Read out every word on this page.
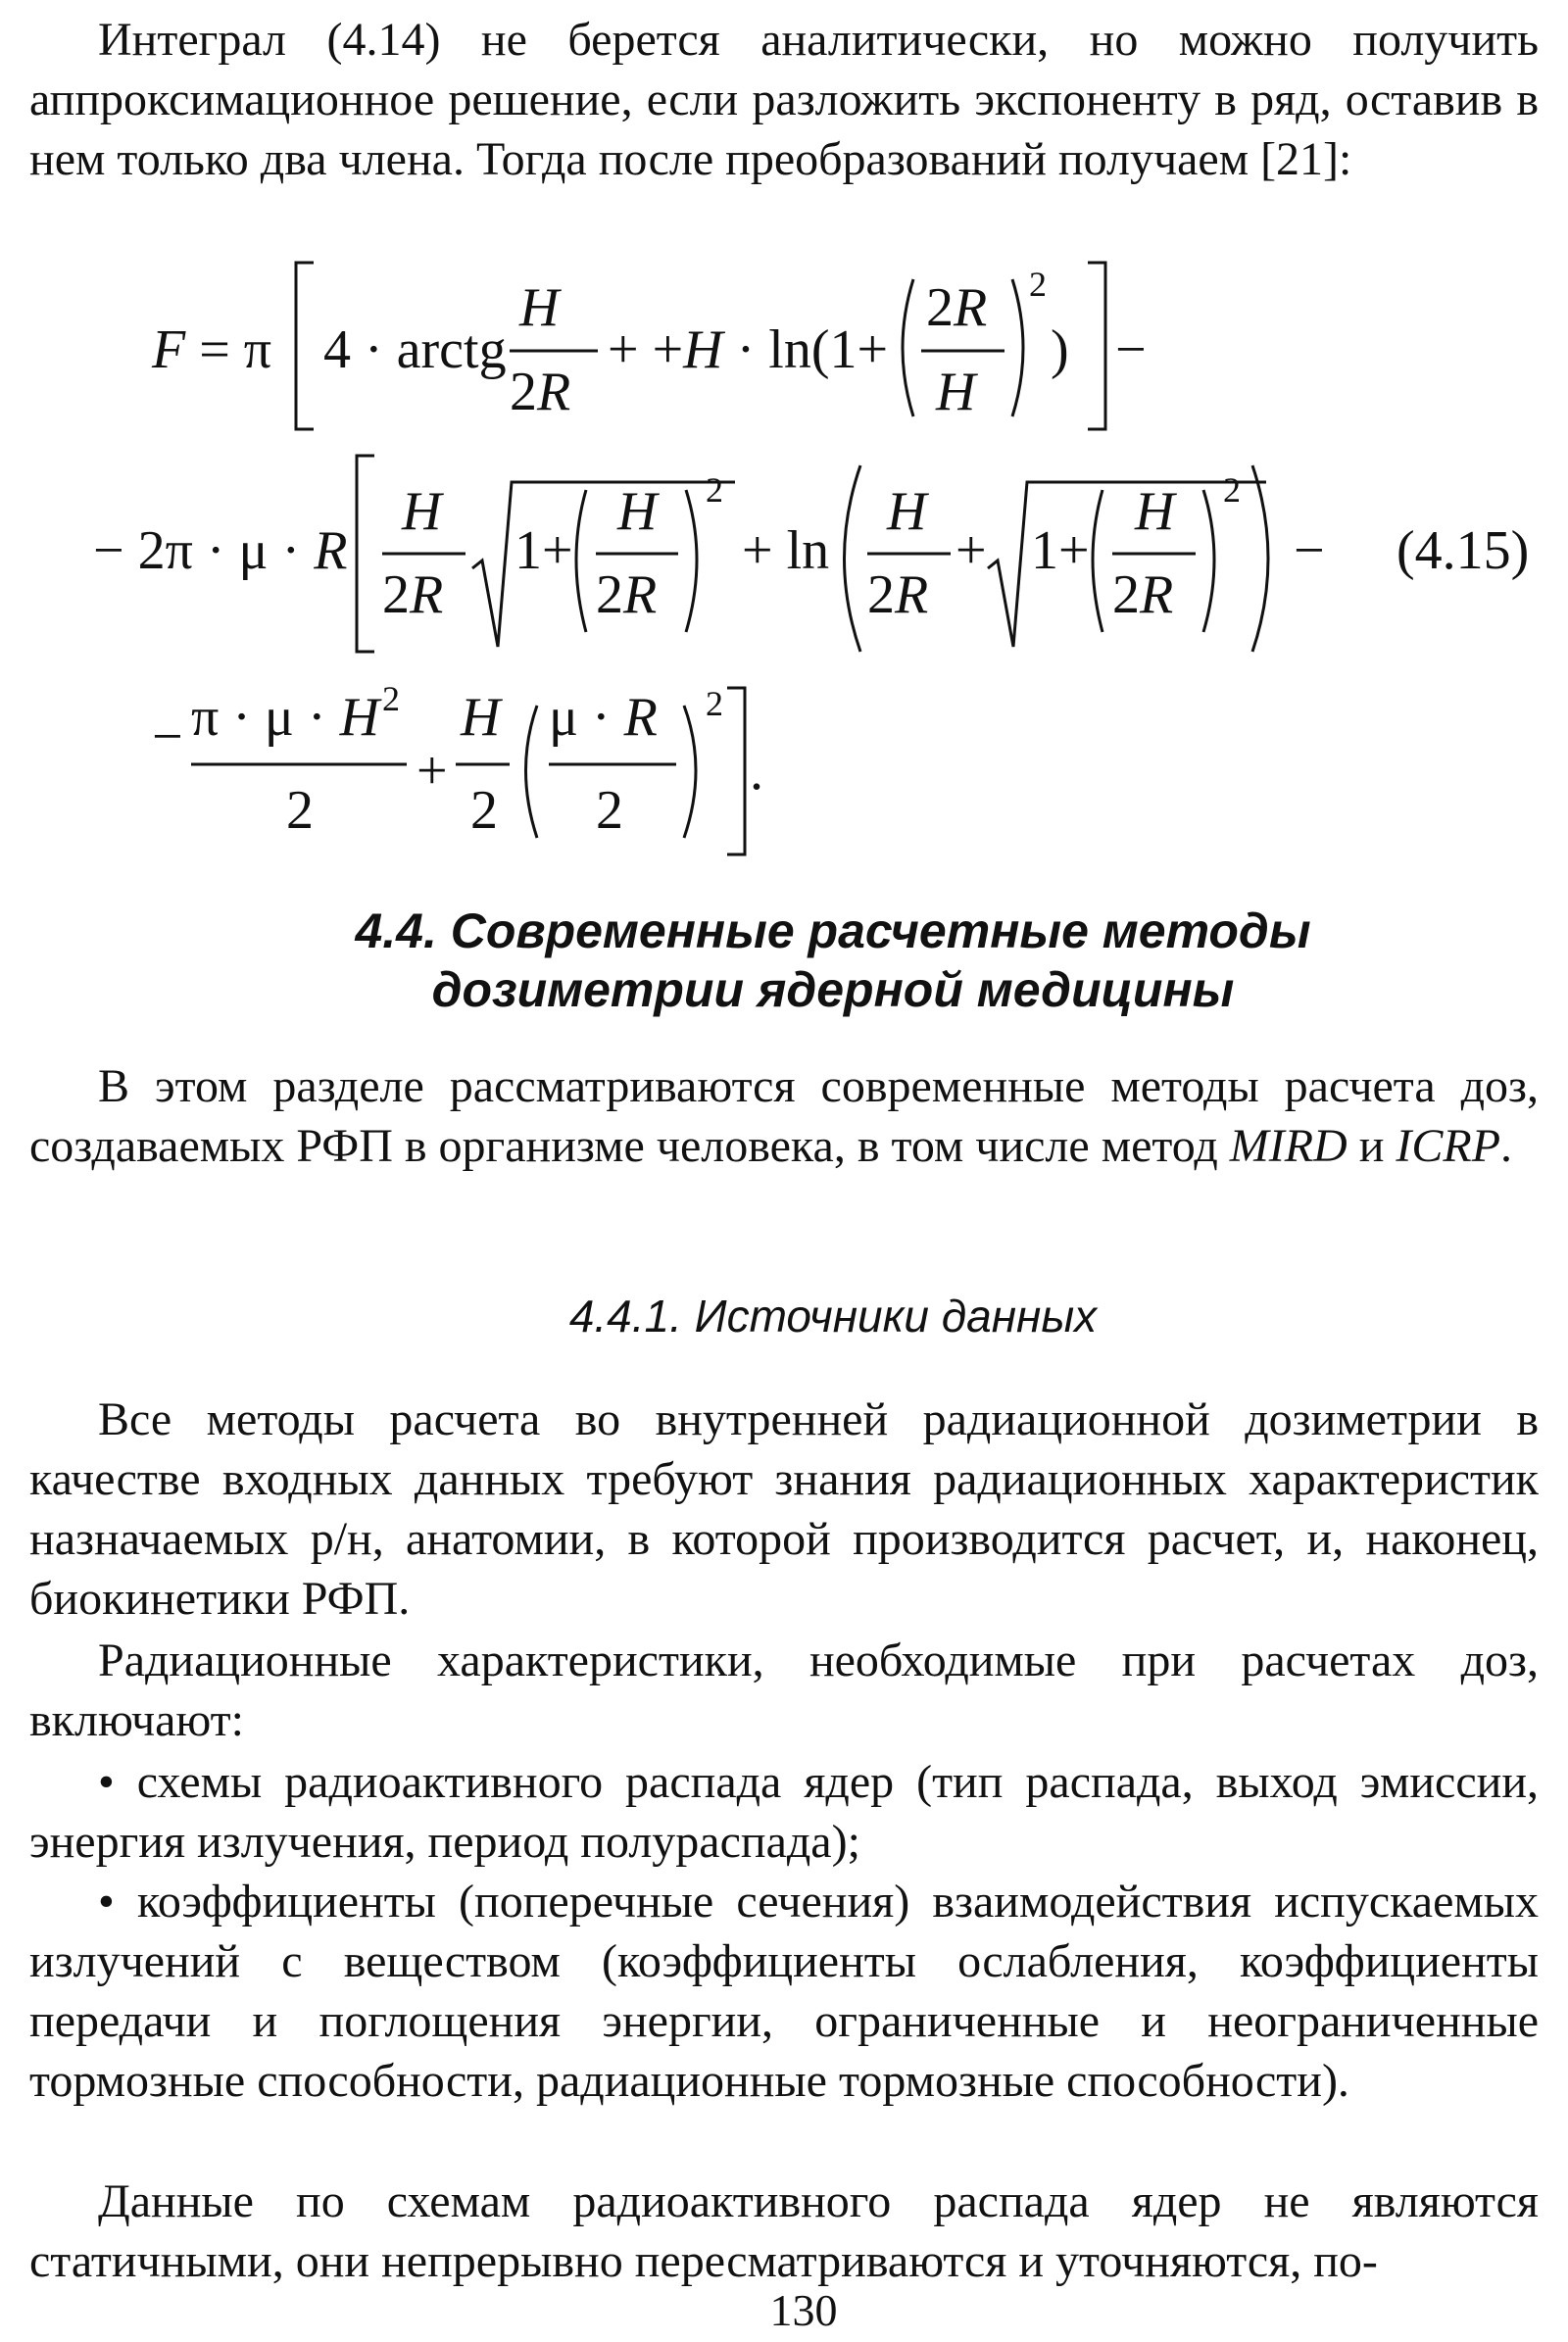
Интеграл (4.14) не берется аналитически, но можно получить аппроксимационное решение, если разложить экспоненту в ряд, оставив в нем только два члена. Тогда после преобразований получаем [21]:

F = π 4 · arctg
H
2R
+ +H · ln(1+
2R
H
2
) −
− 2π · μ · R
H
2R
1+
H
2R
2
+ ln
H
2R
+ 1+
H
2R
2
− (4.15)
− π · μ · H 2
2
+
H
2
μ · R
2
2
.
4.4. Современные расчетные методы
дозиметрии ядерной медицины

В этом разделе рассматриваются современные методы расчета доз, создаваемых РФП в организме человека, в том числе метод MIRD и ICRP.

4.4.1. Источники данных

Все методы расчета во внутренней радиационной дозиметрии в качестве входных данных требуют знания радиационных характеристик назначаемых р/н, анатомии, в которой производится расчет, и, наконец, биокинетики РФП.

Радиационные характеристики, необходимые при расчетах доз, включают:

• схемы радиоактивного распада ядер (тип распада, выход эмиссии, энергия излучения, период полураспада);

• коэффициенты (поперечные сечения) взаимодействия испускаемых излучений с веществом (коэффициенты ослабления, коэффициенты передачи и поглощения энергии, ограниченные и неограниченные тормозные способности, радиационные тормозные способности).

Данные по схемам радиоактивного распада ядер не являются статичными, они непрерывно пересматриваются и уточняются, по-

130
